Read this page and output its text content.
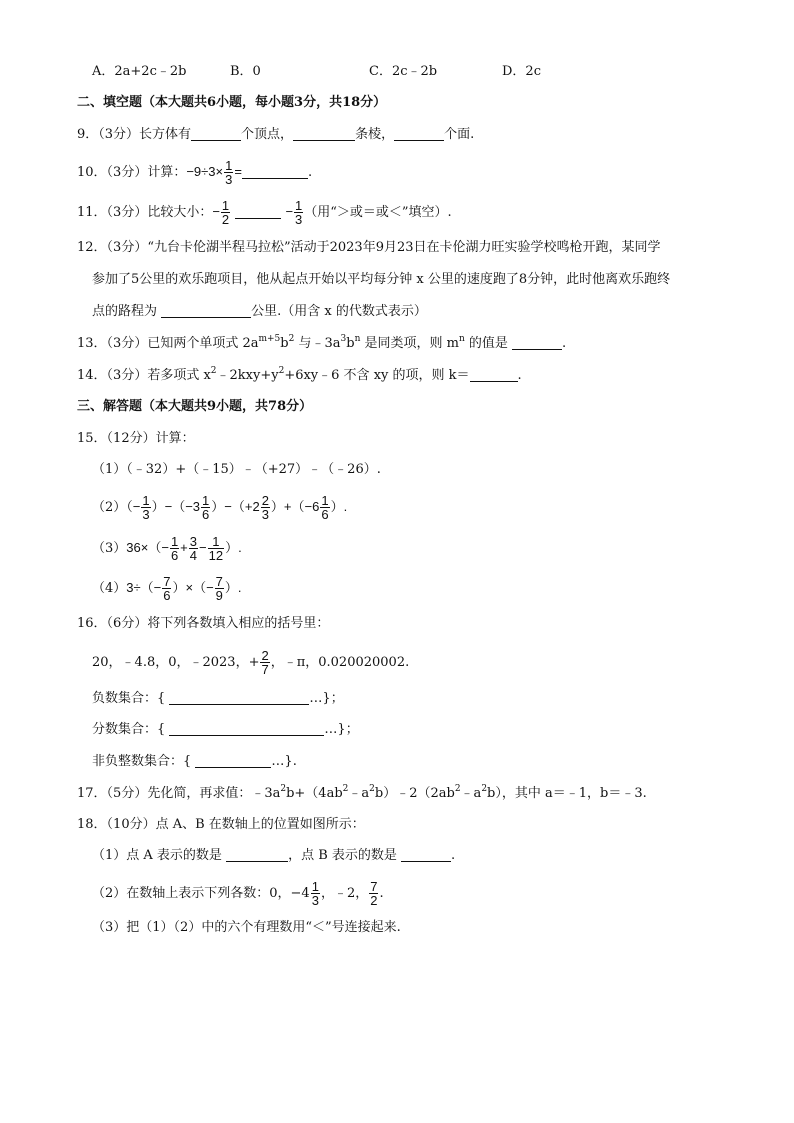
A．2a+2c﹣2b	B．0	C．2c﹣2b	D．2c
二、填空题（本大题共6小题，每小题3分，共18分）
9．（3分）长方体有	个顶点，	条棱，	个面.
10．（3分）计算：$-9\div 3\times \frac{1}{3}$ =	.
11．（3分）比较大小：− $\frac{1}{2}$	− $\frac{1}{3}$ （用“＞或＝或＜”填空）.
12．（3分）“九台卡伦湖半程马拉松”活动于2023年9月23日在卡伦湖力旺实验学校鸣枪开跑，某同学
参加了5公里的欢乐跑项目，他从起点开始以平均每分钟 x 公里的速度跑了8分钟，此时他离欢乐跑终
点的路程为	公里.（用含 x 的代数式表示）
13．（3分）已知两个单项式 $2a^{m+5}b^2$ 与$﹣3a^3b^n$ 是同类项，则 $m^n$ 的值是	.
14．（3分）若多项式 $x^2﹣2kxy+y^2+6xy﹣6$ 不含 xy 的项，则 k＝	.
三、解答题（本大题共9小题，共78分）
15．（12分）计算：
（1）（﹣32）+（﹣15）﹣（+27）﹣（﹣26）.
$(2)(- \frac{1}{3} )-(-3 \frac{1}{6} )-(+2 \frac{2}{3} )+(-6 \frac{1}{6}$ ）.
$(3)36\times(- \frac{1}{6} + \frac{3}{4} - \frac{1}{12}$ ）.
$(4)3\div(- \frac{7}{6}$ ）×（− $\frac{7}{9}$ ）.
16．（6分）将下列各数填入相应的括号里：
20，﹣4.8，0，﹣2023，+ $\frac{2}{7}$ ，﹣π，0.020020002.
负数集合：{	…}；
分数集合：{	…}；
非负整数集合：{	…}.
17．（5分）先化简，再求值：$﹣3a^2b+(4ab^2﹣a^2b)﹣2(2ab^2﹣a^2b)$，其中 a＝﹣1，b＝﹣3.
18．（10分）点 A、B 在数轴上的位置如图所示：
（1）点 A 表示的数是	，点 B 表示的数是	.
（2）在数轴上表示下列各数：0，$-4 \frac{1}{3}$ ，﹣2， $\frac{7}{2}$ .
（3）把（1）（2）中的六个有理数用“＜”号连接起来.
